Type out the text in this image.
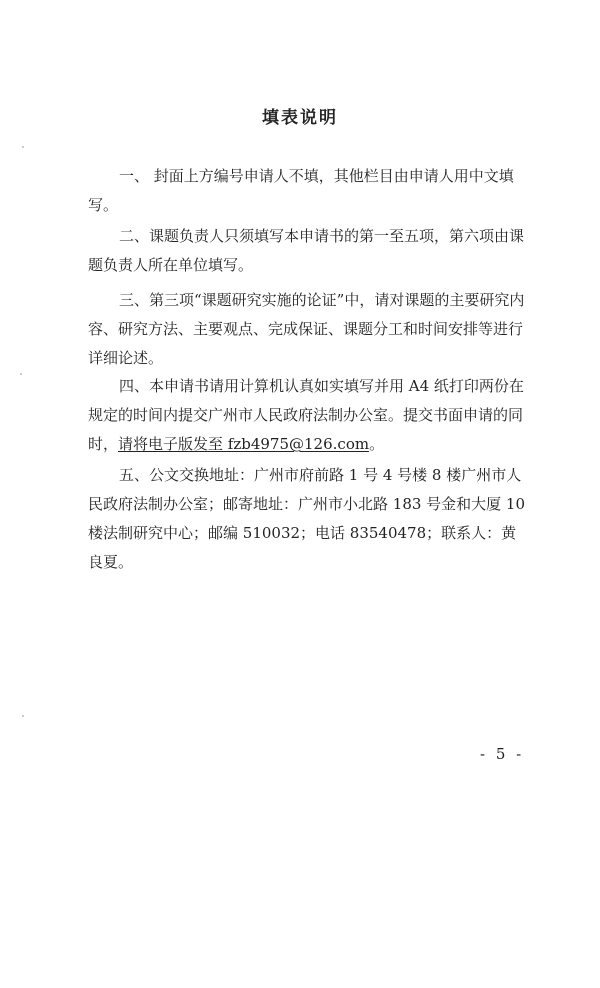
填表说明

一、 封面上方编号申请人不填，其他栏目由申请人用中文填写。

二、课题负责人只须填写本申请书的第一至五项，第六项由课题负责人所在单位填写。

三、第三项“课题研究实施的论证”中，请对课题的主要研究内容、研究方法、主要观点、完成保证、课题分工和时间安排等进行详细论述。

四、本申请书请用计算机认真如实填写并用 A4 纸打印两份在规定的时间内提交广州市人民政府法制办公室。提交书面申请的同时，请将电子版发至 fzb4975@126.com。

五、公文交换地址：广州市府前路 1 号 4 号楼 8 楼广州市人民政府法制办公室；邮寄地址：广州市小北路 183 号金和大厦 10 楼法制研究中心；邮编 510032；电话 83540478；联系人：黄良夏。

- 5 -
